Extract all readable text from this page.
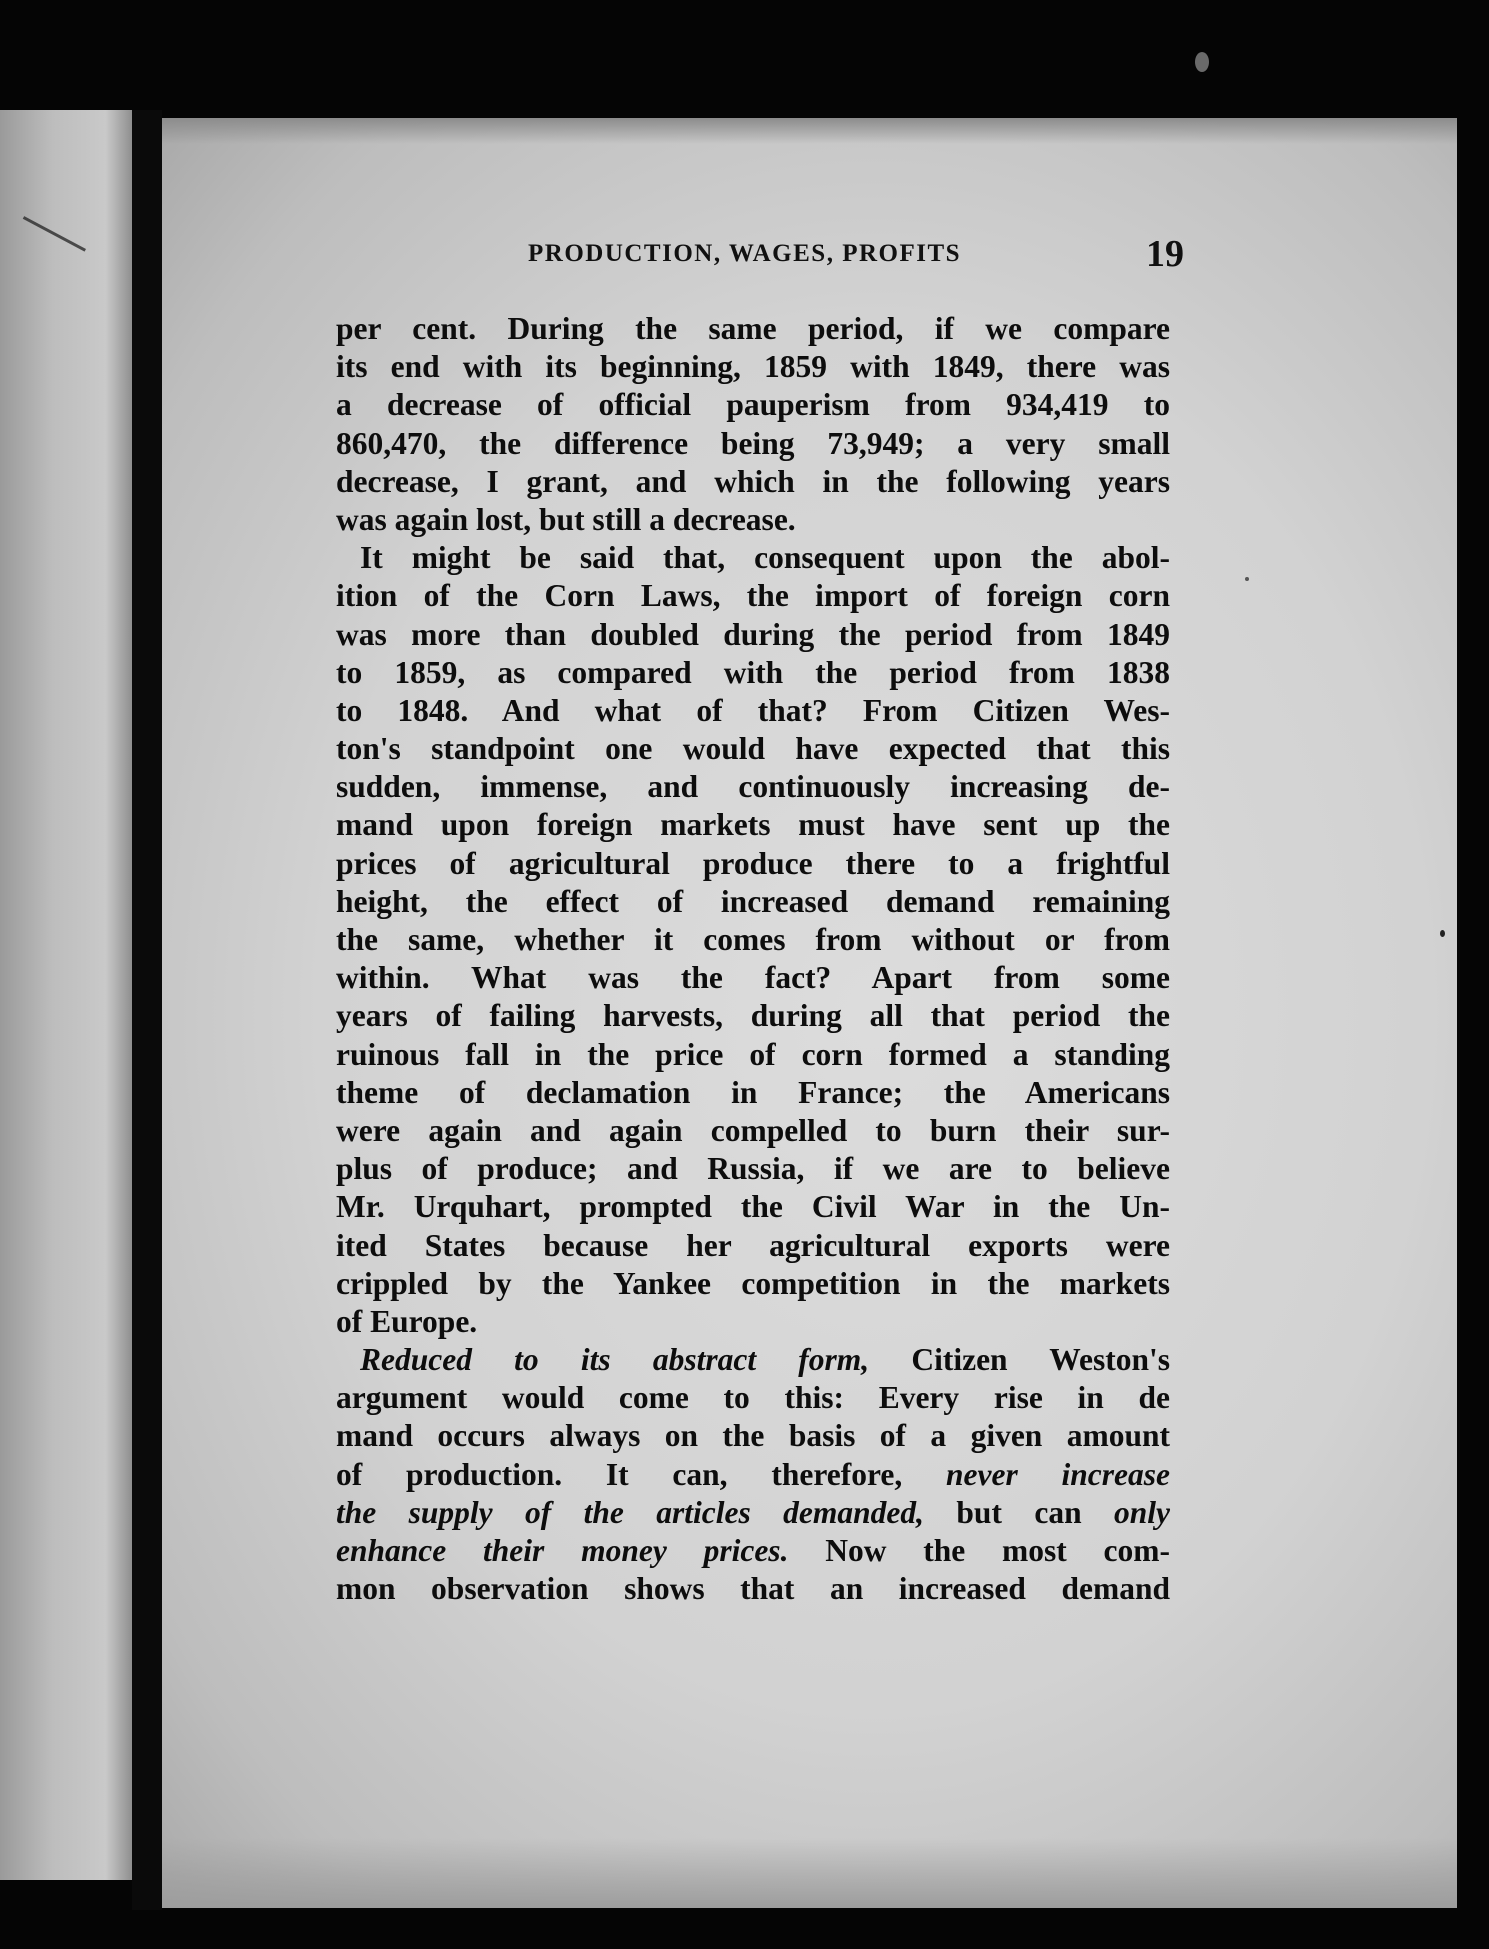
PRODUCTION, WAGES, PROFITS	19
per cent. During the same period, if we compare
its end with its beginning, 1859 with 1849, there was
a decrease of official pauperism from 934,419 to
860,470, the difference being 73,949; a very small
decrease, I grant, and which in the following years
was again lost, but still a decrease.
It might be said that, consequent upon the abol-
ition of the Corn Laws, the import of foreign corn
was more than doubled during the period from 1849
to 1859, as compared with the period from 1838
to 1848. And what of that? From Citizen Wes-
ton's standpoint one would have expected that this
sudden, immense, and continuously increasing de-
mand upon foreign markets must have sent up the
prices of agricultural produce there to a frightful
height, the effect of increased demand remaining
the same, whether it comes from without or from
within. What was the fact? Apart from some
years of failing harvests, during all that period the
ruinous fall in the price of corn formed a standing
theme of declamation in France; the Americans
were again and again compelled to burn their sur-
plus of produce; and Russia, if we are to believe
Mr. Urquhart, prompted the Civil War in the Un-
ited States because her agricultural exports were
crippled by the Yankee competition in the markets
of Europe.
Reduced to its abstract form, Citizen Weston's
argument would come to this: Every rise in de
mand occurs always on the basis of a given amount
of production. It can, therefore, never increase
the supply of the articles demanded, but can only
enhance their money prices. Now the most com-
mon observation shows that an increased demand
